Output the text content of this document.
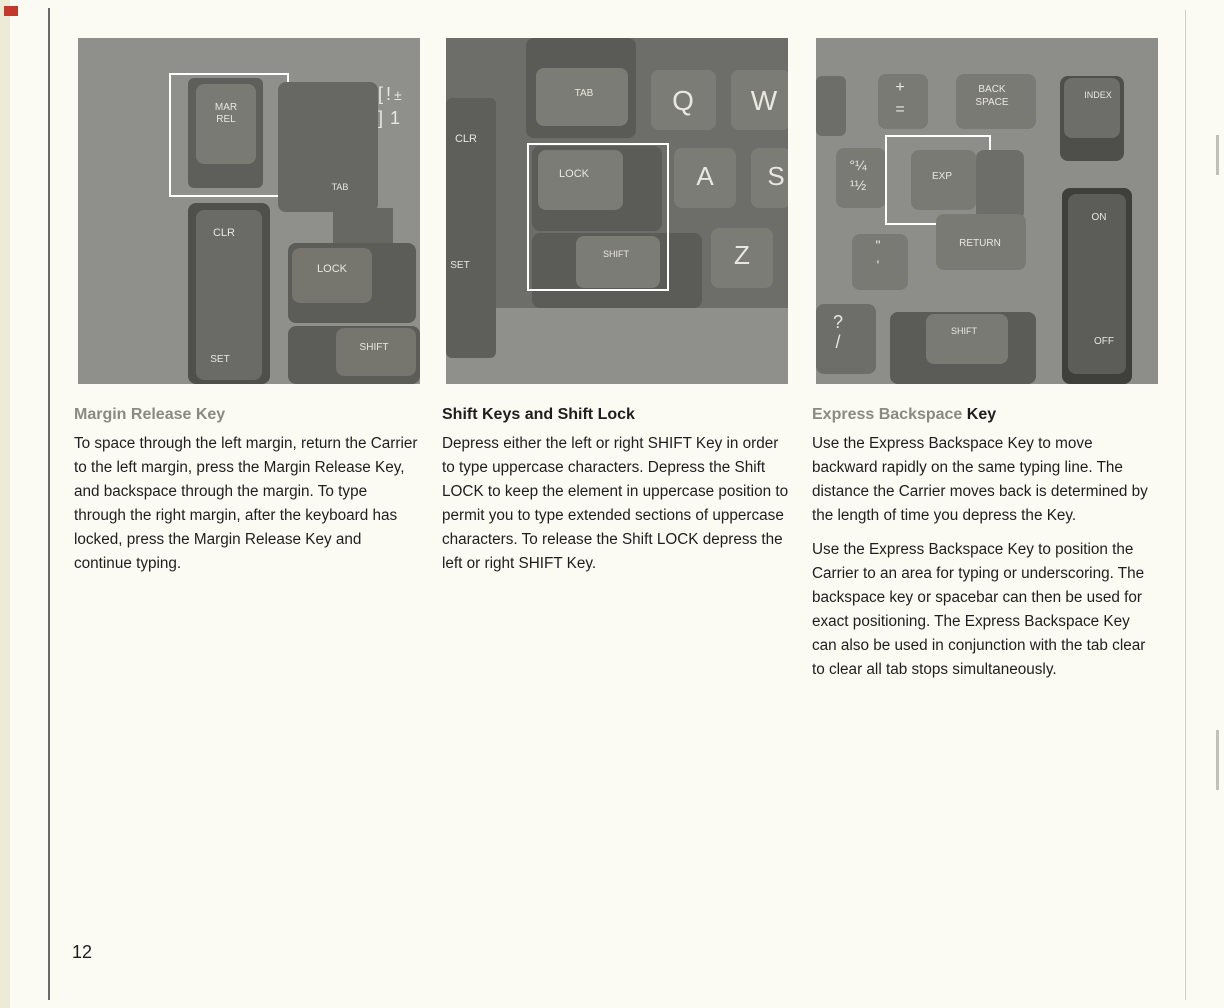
MAR
REL
TAB
[ ! ±
] 1
CLR
SET
LOCK
SHIFT
TAB	Q W
CLR
SET
LOCK	A S
SHIFT	Z
+
=
BACK
SPACE
INDEX
°¼
¹½
EXP
RETURN
ON
OFF
"
'
?
/
SHIFT
Margin Release Key

To space through the left margin, return the Carrier to the left margin, press the Margin Release Key, and backspace through the margin. To type through the right margin, after the keyboard has locked, press the Margin Release Key and continue typing.

Shift Keys and Shift Lock

Depress either the left or right SHIFT Key in order to type uppercase characters. Depress the Shift LOCK to keep the element in uppercase position to permit you to type extended sections of uppercase characters. To release the Shift LOCK depress the left or right SHIFT Key.

Express Backspace Key

Use the Express Backspace Key to move backward rapidly on the same typing line. The distance the Carrier moves back is determined by the length of time you depress the Key.

Use the Express Backspace Key to position the Carrier to an area for typing or underscoring. The backspace key or spacebar can then be used for exact positioning. The Express Backspace Key can also be used in conjunction with the tab clear to clear all tab stops simultaneously.

12
